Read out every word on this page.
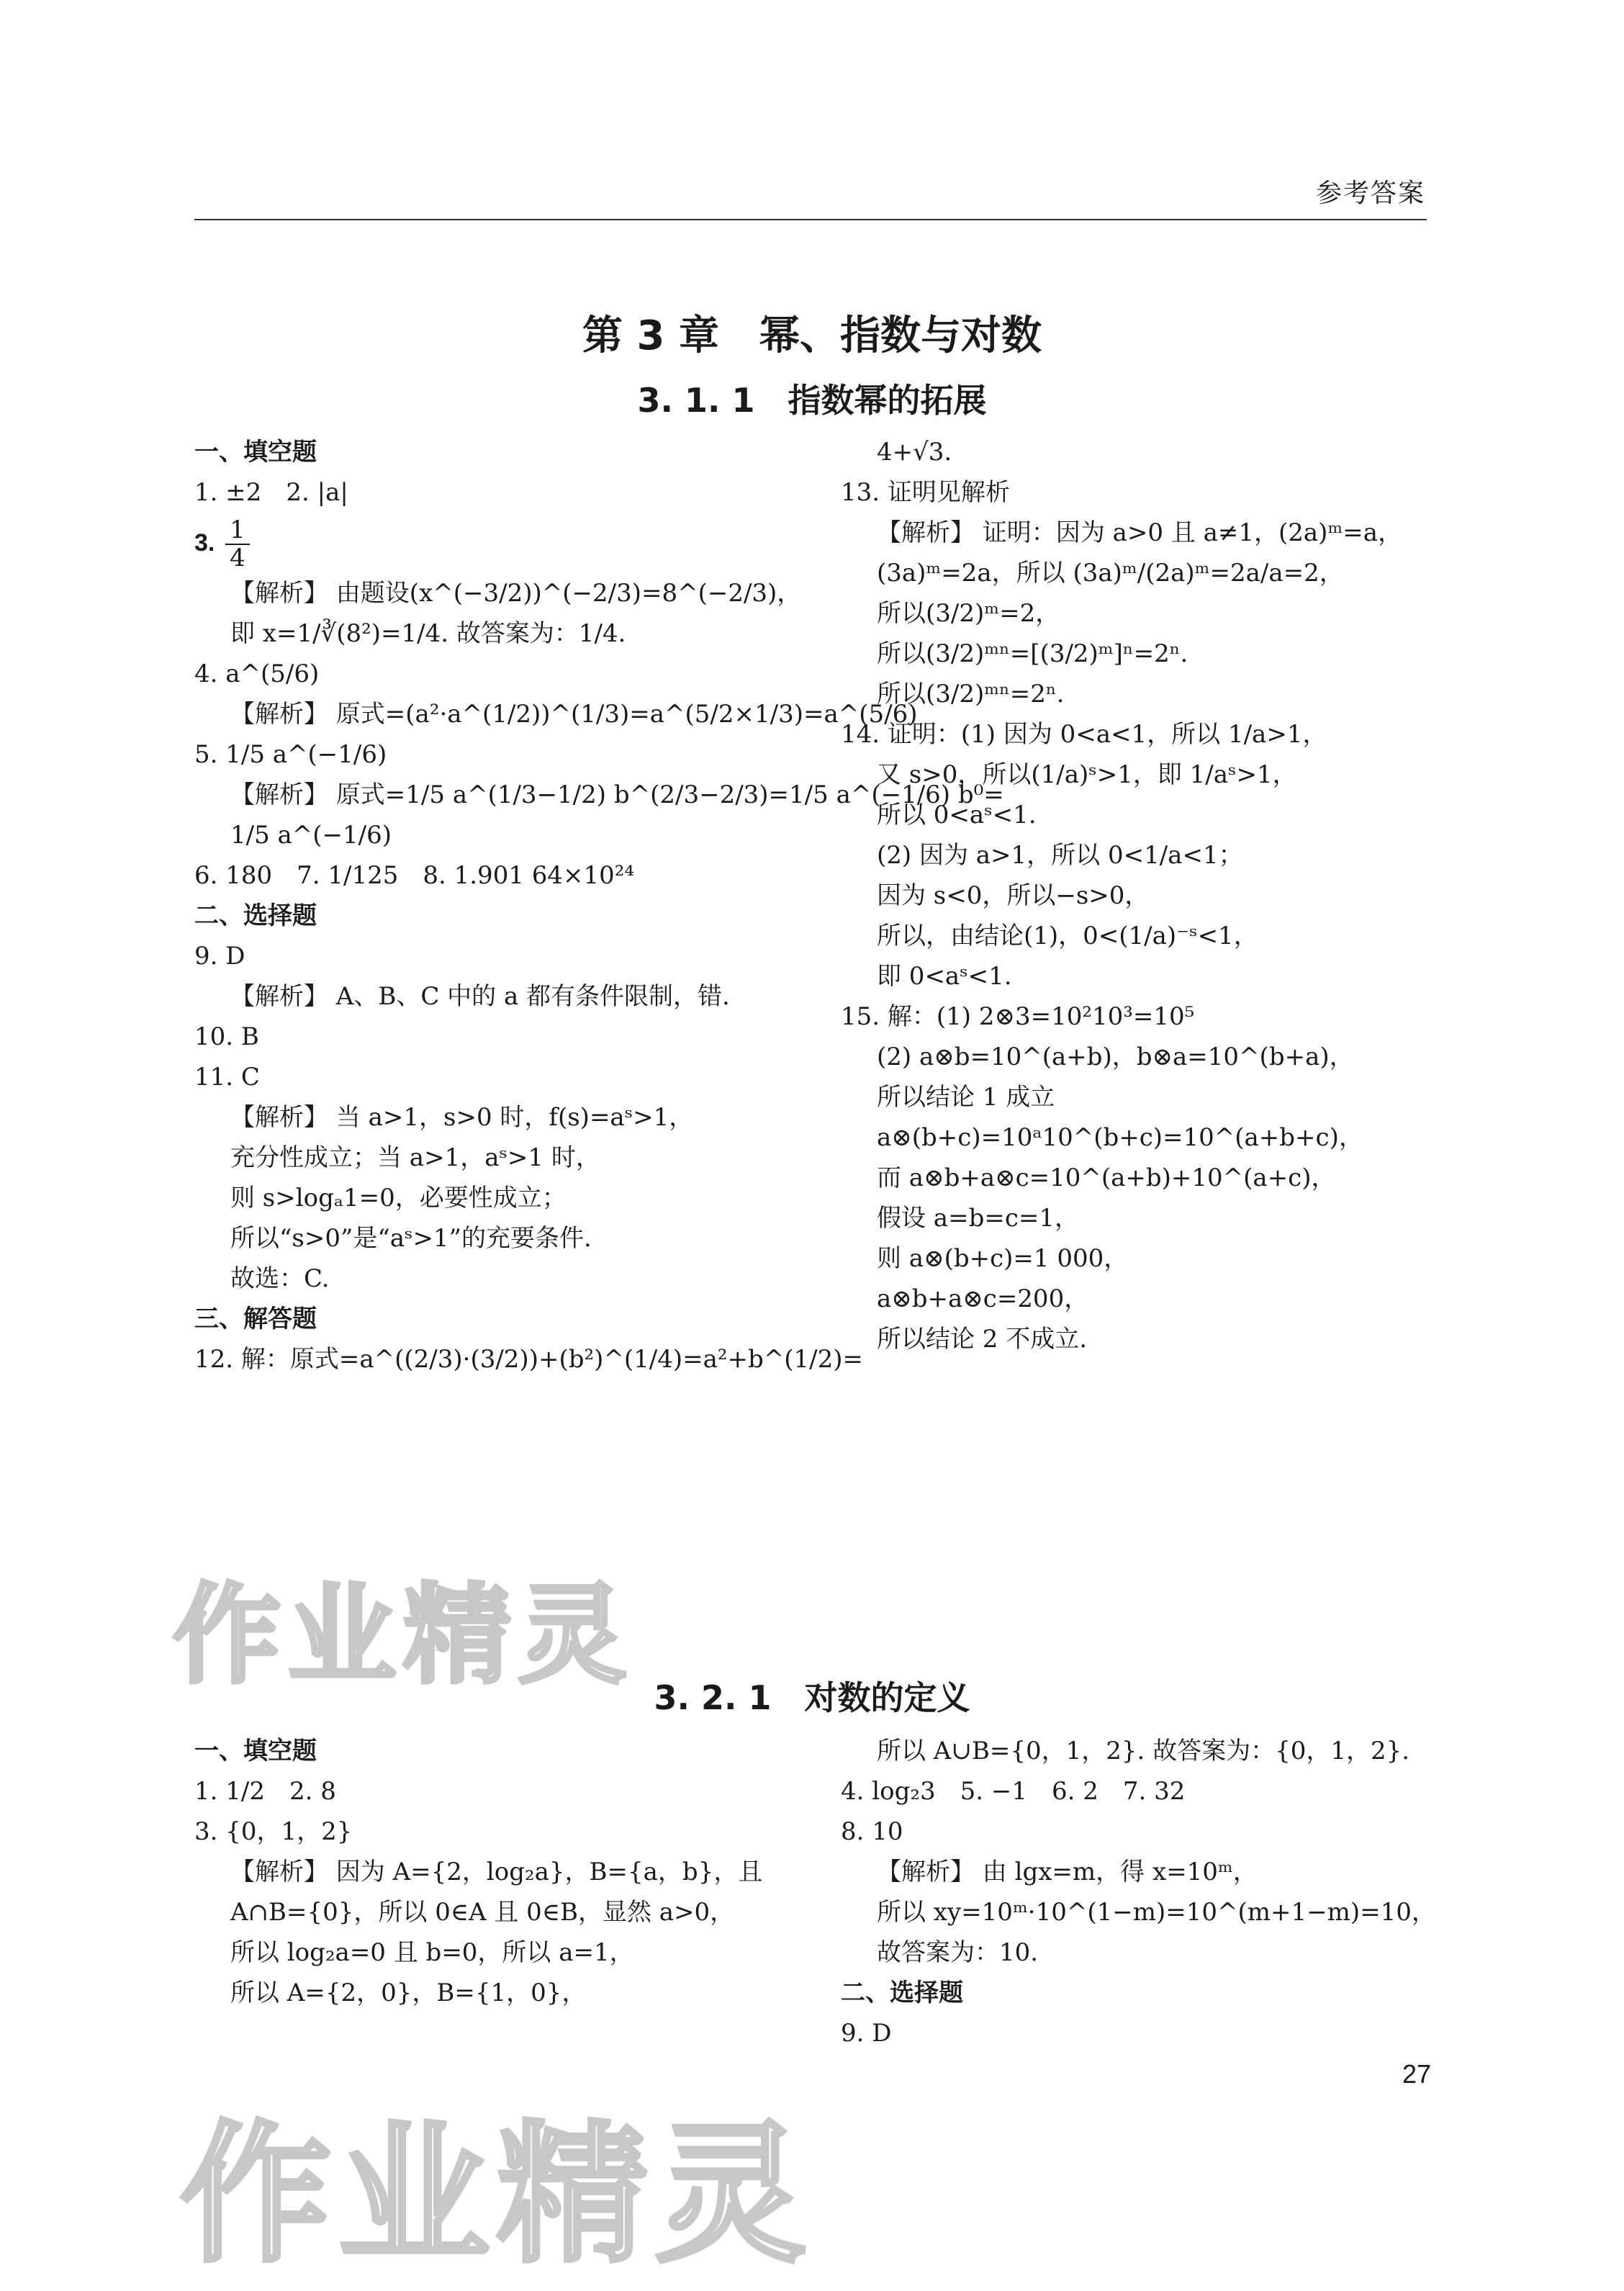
参考答案
第 3 章　幂、指数与对数
3. 1. 1　指数幂的拓展
一、填空题
1. ±2　2. |a|
3. $\frac{1}{4}$
【解析】 由题设(x^(−3/2))^(−2/3)=8^(−2/3)，
即 x=1/∛(8²)=1/4. 故答案为：1/4.
4. a^(5/6)
【解析】 原式=(a²·a^(1/2))^(1/3)=a^(5/2×1/3)=a^(5/6)
5. 1/5 a^(−1/6)
【解析】 原式=1/5 a^(1/3−1/2) b^(2/3−2/3)=1/5 a^(−1/6) b⁰=
1/5 a^(−1/6)
6. 180　7. 1/125　8. 1.901 64×10²⁴
二、选择题
9. D
【解析】 A、B、C 中的 a 都有条件限制，错.
10. B
11. C
【解析】 当 a>1，s>0 时，f(s)=aˢ>1，
充分性成立；当 a>1，aˢ>1 时，
则 s>logₐ1=0，必要性成立；
所以“s>0”是“aˢ>1”的充要条件.
故选：C.
三、解答题
12. 解：原式=a^((2/3)·(3/2))+(b²)^(1/4)=a²+b^(1/2)=
4+√3.
13. 证明见解析
【解析】 证明：因为 a>0 且 a≠1，(2a)ᵐ=a，
(3a)ᵐ=2a，所以 (3a)ᵐ/(2a)ᵐ=2a/a=2，
所以(3/2)ᵐ=2，
所以(3/2)ᵐⁿ=[(3/2)ᵐ]ⁿ=2ⁿ.
所以(3/2)ᵐⁿ=2ⁿ.
14. 证明：(1) 因为 0<a<1，所以 1/a>1，
又 s>0，所以(1/a)ˢ>1，即 1/aˢ>1，
所以 0<aˢ<1.
(2) 因为 a>1，所以 0<1/a<1；
因为 s<0，所以−s>0，
所以，由结论(1)，0<(1/a)⁻ˢ<1，
即 0<aˢ<1.
15. 解：(1) 2⊗3=10²10³=10⁵
(2) a⊗b=10^(a+b)，b⊗a=10^(b+a)，
所以结论 1 成立
a⊗(b+c)=10ᵃ10^(b+c)=10^(a+b+c)，
而 a⊗b+a⊗c=10^(a+b)+10^(a+c)，
假设 a=b=c=1，
则 a⊗(b+c)=1 000，
a⊗b+a⊗c=200，
所以结论 2 不成立.
3. 2. 1　对数的定义
一、填空题
1. 1/2　2. 8
3. {0，1，2}
【解析】 因为 A={2，log₂a}，B={a，b}，且
A∩B={0}，所以 0∈A 且 0∈B，显然 a>0，
所以 log₂a=0 且 b=0，所以 a=1，
所以 A={2，0}，B={1，0}，
所以 A∪B={0，1，2}. 故答案为：{0，1，2}.
4. log₂3　5. −1　6. 2　7. 32
8. 10
【解析】 由 lgx=m，得 x=10ᵐ，
所以 xy=10ᵐ·10^(1−m)=10^(m+1−m)=10，
故答案为：10.
二、选择题
9. D
27
作业精灵
作业精灵
